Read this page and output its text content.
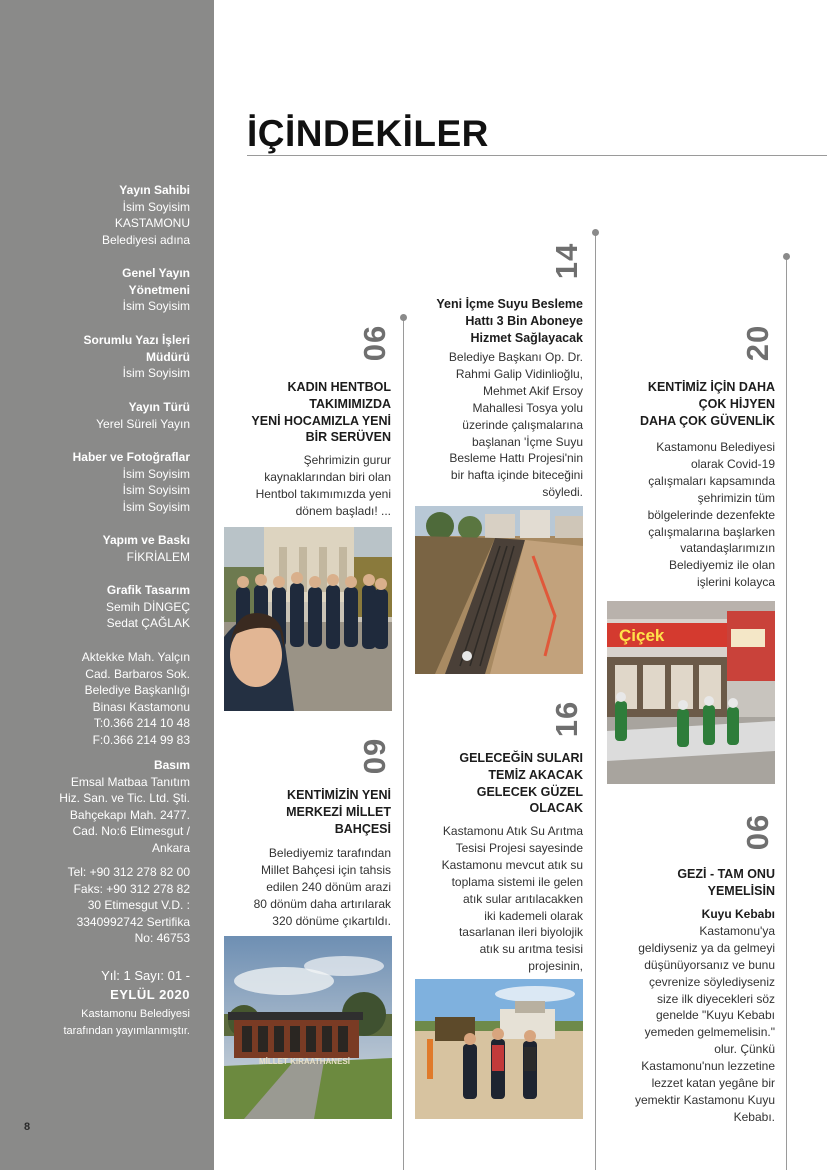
Yayın Sahibi
İsim Soyisim
KASTAMONU
Belediyesi adına
Genel Yayın
Yönetmeni
İsim Soyisim
Sorumlu Yazı İşleri
Müdürü
İsim Soyisim
Yayın Türü
Yerel Süreli Yayın
Haber ve Fotoğraflar
İsim Soyisim
İsim Soyisim
İsim Soyisim
Yapım ve Baskı
FİKRİALEM
Grafik Tasarım
Semih DİNGEÇ
Sedat ÇAĞLAK
Aktekke Mah. Yalçın
Cad. Barbaros Sok.
Belediye Başkanlığı
Binası Kastamonu
T:0.366 214 10 48
F:0.366 214 99 83
Basım
Emsal Matbaa Tanıtım
Hiz. San. ve Tic. Ltd. Şti.
Bahçekapı Mah. 2477.
Cad. No:6 Etimesgut /
Ankara
Tel: +90 312 278 82 00
Faks: +90 312 278 82
30 Etimesgut V.D. :
3340992742 Sertifika
No: 46753
Yıl: 1 Sayı: 01 -
EYLÜL 2020
Kastamonu Belediyesi
tarafından yayımlanmıştır.
8
İÇİNDEKİLER
06
KADIN HENTBOL
TAKIMIMIZDA
YENİ HOCAMIZLA YENİ
BİR SERÜVEN
Şehrimizin gurur
kaynaklarından biri olan
Hentbol takımımızda yeni
dönem başladı! ...
09
KENTİMİZİN YENİ
MERKEZİ MİLLET
BAHÇESİ
Belediyemiz tarafından
Millet Bahçesi için tahsis
edilen 240 dönüm arazi
80 dönüm daha artırılarak
320 dönüme çıkartıldı.
MİLLET KIRAATHANESİ
14
Yeni İçme Suyu Besleme
Hattı 3 Bin Aboneye
Hizmet Sağlayacak
Belediye Başkanı Op. Dr.
Rahmi Galip Vidinlioğlu,
Mehmet Akif Ersoy
Mahallesi Tosya yolu
üzerinde çalışmalarına
başlanan 'İçme Suyu
Besleme Hattı Projesi'nin
bir hafta içinde biteceğini
söyledi.
16
GELECEĞİN SULARI
TEMİZ AKACAK
GELECEK GÜZEL
OLACAK
Kastamonu Atık Su Arıtma
Tesisi Projesi sayesinde
Kastamonu mevcut atık su
toplama sistemi ile gelen
atık sular arıtılacakken
iki kademeli olarak
tasarlanan ileri biyolojik
atık su arıtma tesisi
projesinin,
20
KENTİMİZ İÇİN DAHA
ÇOK HİJYEN
DAHA ÇOK GÜVENLİK
Kastamonu Belediyesi
olarak Covid-19
çalışmaları kapsamında
şehrimizin tüm
bölgelerinde dezenfekte
çalışmalarına başlarken
vatandaşlarımızın
Belediyemiz ile olan
işlerini kolayca
Çiçek
06
GEZİ - TAM ONU
YEMELİSİN
Kuyu Kebabı
Kastamonu'ya
geldiyseniz ya da gelmeyi
düşünüyorsanız ve bunu
çevrenize söylediyseniz
size ilk diyecekleri söz
genelde "Kuyu Kebabı
yemeden gelmemelisin."
olur. Çünkü
Kastamonu'nun lezzetine
lezzet katan yegâne bir
yemektir Kastamonu Kuyu
Kebabı.
